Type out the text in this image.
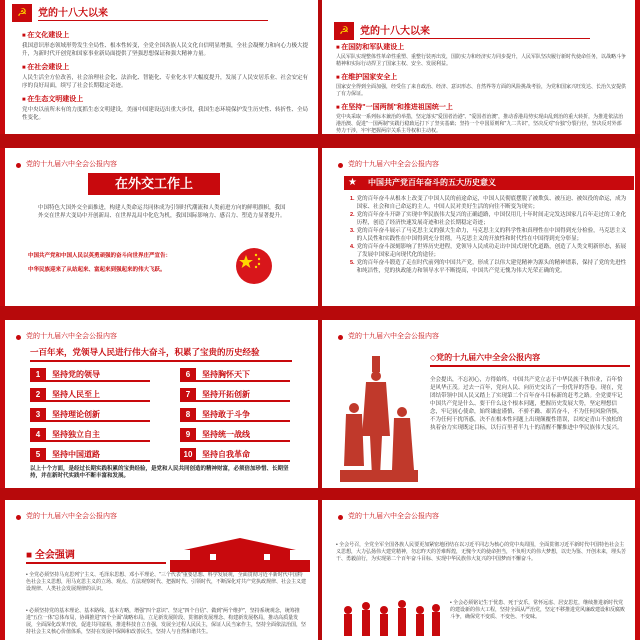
☭	党的十八大以来
■ 在文化建设上
我国意识形态领域形势发生全局性、根本性转变，全党全国各族人民文化自信明显增强，全社会凝聚力和向心力极大提升，为新时代开创党和国家事业新局面提供了坚强思想保证和强大精神力量。
■ 在社会建设上
人民生活全方位改善，社会治理社会化、法治化、智能化、专业化水平大幅度提升，发展了人民安居乐业、社会安定有序的良好局面，续写了社会长期稳定奇迹。
■ 在生态文明建设上
党中央以前所未有的力度抓生态文明建设，美丽中国建设迈出重大步伐，我国生态环境保护发生历史性、转折性、全局性变化。
☭	党的十八大以来
■ 在国防和军队建设上
人民军队实现整体性革命性重塑、重整行装再出发，国防实力和经济实力同步提升，人民军队坚决履行新时代使命任务，以战略斗争精神和实际行动捍卫了国家主权、安全、发展利益。
■ 在维护国家安全上
国家安全得到全面加强，经受住了来自政治、经济、意识形态、自然界等方面的风险挑战考验，为党和国家兴旺发达、长治久安提供了有力保证。
■ 在坚持"一国两制"和推进祖国统一上
党中央采取一系列标本兼治的举措，坚定落实"爱国者治港"、"爱国者治澳"，推动香港局势实现由乱到治的重大转折，为推进依法治港治澳、促进"一国两制"实践行稳致远打下了坚实基础；坚持一个中国原则和"九二共识"，坚决反对"台独"分裂行径，坚决反对外部势力干涉，牢牢把握两岸关系主导权和主动权。
党的十九届六中全会公报内容
在外交工作上
中国特色大国外交全面推进，构建人类命运共同体成为引领时代潮流和人类前进方向的鲜明旗帜，我国外交在世界大变局中开创新局、在世界乱局中化危为机，我国国际影响力、感召力、塑造力显著提升。
中国共产党和中国人民以英勇顽强的奋斗向世界庄严宣告：
中华民族迎来了从站起来、富起来到强起来的伟大飞跃。
党的十九届六中全会公报内容
★ 中国共产党百年奋斗的五大历史意义
1. 党的百年奋斗从根本上改变了中国人民的前途命运，中国人民彻底摆脱了被欺负、被压迫、被奴役的命运，成为国家、社会和自己命运的主人，中国人民对美好生活的向往不断变为现实；
2. 党的百年奋斗开辟了实现中华民族伟大复兴的正确道路，中国仅用几十年时间走完发达国家几百年走过的工业化历程，创造了经济快速发展奇迹和社会长期稳定奇迹；
3. 党的百年奋斗展示了马克思主义的强大生命力，马克思主义的科学性和真理性在中国得到充分检验，马克思主义的人民性和实践性在中国得到充分贯彻，马克思主义的开放性和时代性在中国得到充分彰显；
4. 党的百年奋斗深刻影响了世界历史进程，党领导人民成功走出中国式现代化道路，创造了人类文明新形态，拓展了发展中国家走向现代化的途径；
5. 党的百年奋斗锻造了走在时代前列的中国共产党，形成了以伟大建党精神为源头的精神谱系，保持了党的先进性和纯洁性，党的执政能力和领导水平不断提高，中国共产党无愧为伟大光荣正确的党。
党的十九届六中全会公报内容
一百年来，党领导人民进行伟大奋斗，积累了宝贵的历史经验
1	坚持党的领导
2	坚持人民至上
3	坚持理论创新
4	坚持独立自主
5	坚持中国道路
6	坚持胸怀天下
7	坚持开拓创新
8	坚持敢于斗争
9	坚持统一战线
10	坚持自我革命
以上十个方面，是经过长期实践积累的宝贵经验，是党和人民共同创造的精神财富，必须倍加珍惜、长期坚持，并在新时代实践中不断丰富和发展。
党的十九届六中全会公报内容
◇党的十九届六中全会公报内容
全会提出，不忘初心，方得始终。中国共产党立志于中华民族千秋伟业，百年恰是风华正茂。过去一百年，党向人民、向历史交出了一份优异的答卷。现在，党团结带领中国人民又踏上了实现第二个百年奋斗目标新的赶考之路。全党要牢记中国共产党是什么、要干什么这个根本问题，把握历史发展大势，坚定理想信念，牢记初心使命，始终谦虚谨慎、不骄不躁、艰苦奋斗，不为任何风险所惧，不为任何干扰所惑，决不在根本性问题上出现颠覆性错误，以咬定青山不放松的执着奋力实现既定目标，以行百里者半九十的清醒不懈推进中华民族伟大复兴。
党的十九届六中全会公报内容
■ 全会强调
• 全党必须坚持马克思列宁主义、毛泽东思想、邓小平理论、"三个代表"重要思想、科学发展观，全面贯彻习近平新时代中国特色社会主义思想，用马克思主义的立场、观点、方法观察时代、把握时代、引领时代，不断深化对共产党执政规律、社会主义建设规律、人类社会发展规律的认识。
• 必须坚持党的基本理论、基本路线、基本方略，增强"四个意识"、坚定"四个自信"、做到"两个维护"，坚持系统观念，统筹推进"五位一体"总体布局，协调推进"四个全面"战略布局，立足新发展阶段、贯彻新发展理念、构建新发展格局，推动高质量发展，全面深化改革开放，促进共同富裕，推进科技自立自强，发展全过程人民民主，保证人民当家作主，坚持全面依法治国，坚持社会主义核心价值体系，坚持在发展中保障和改善民生，坚持人与自然和谐共生。
党的十九届六中全会公报内容
• 全会号召，全党全军全国各族人民要更加紧密地团结在以习近平同志为核心的党中央周围，全面贯彻习近平新时代中国特色社会主义思想，大力弘扬伟大建党精神，勿忘昨天的苦难辉煌，无愧今天的使命担当，不负明天的伟大梦想，以史为鉴、开创未来，埋头苦干、勇毅前行，为实现第二个百年奋斗目标、实现中华民族伟大复兴的中国梦而不懈奋斗。
• 全会必须铭记生于忧患、死于安乐，常怀远虑、居安思危，继续推进新时代党的建设新的伟大工程，坚持全面从严治党，坚定不移推进党风廉政建设和反腐败斗争，确保党不变质、不变色、不变味。
